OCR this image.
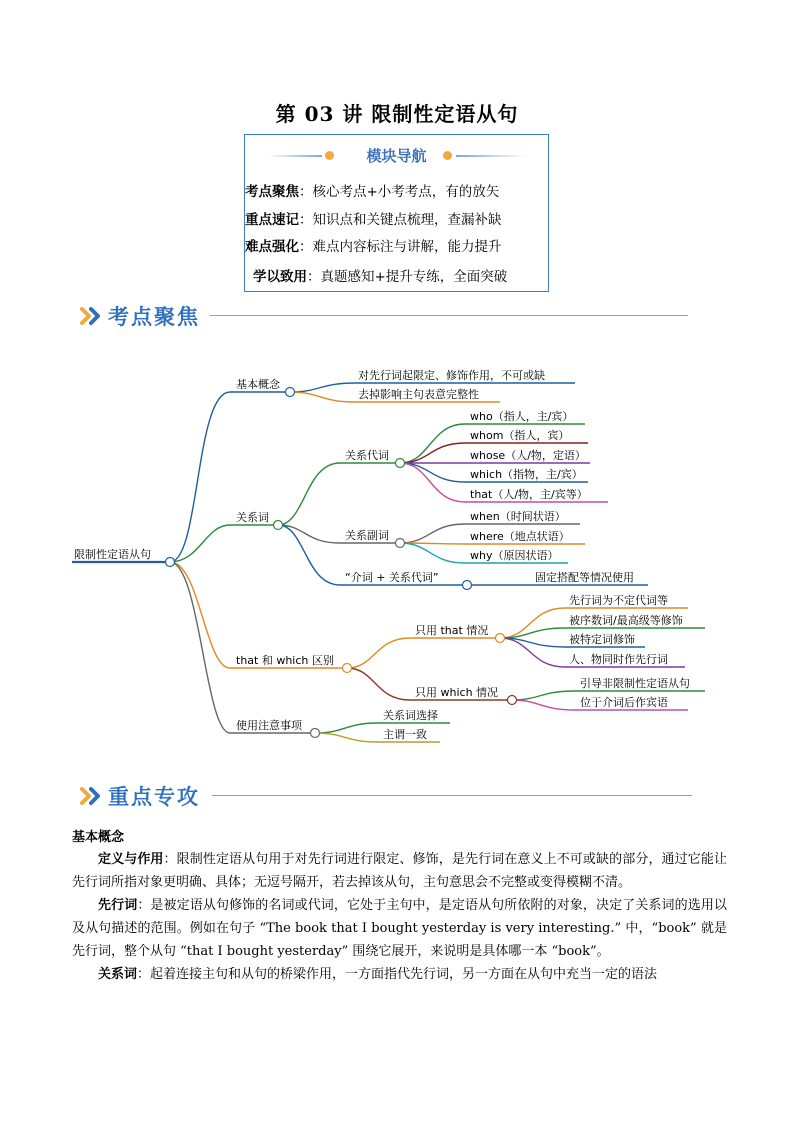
第 03 讲 限制性定语从句
模块导航
考点聚焦：核心考点+小考考点，有的放矢
重点速记：知识点和关键点梳理，查漏补缺
难点强化：难点内容标注与讲解，能力提升
学以致用：真题感知+提升专练，全面突破
考点聚焦
限制性定语从句
基本概念
对先行词起限定、修饰作用，不可或缺
去掉影响主句表意完整性
关系词
关系代词
who（指人，主/宾）
whom（指人，宾）
whose（人/物，定语）
which（指物，主/宾）
that（人/物，主/宾等）
关系副词
when（时间状语）
where（地点状语）
why（原因状语）
“介词 + 关系代词”	固定搭配等情况使用
that 和 which 区别
只用 that 情况
先行词为不定代词等
被序数词/最高级等修饰
被特定词修饰
人、物同时作先行词
只用 which 情况
引导非限制性定语从句
位于介词后作宾语
使用注意事项
关系词选择
主谓一致
重点专攻
基本概念

定义与作用：限制性定语从句用于对先行词进行限定、修饰，是先行词在意义上不可或缺的部分，通过它能让先行词所指对象更明确、具体；无逗号隔开，若去掉该从句，主句意思会不完整或变得模糊不清。

先行词：是被定语从句修饰的名词或代词，它处于主句中，是定语从句所依附的对象，决定了关系词的选用以及从句描述的范围。例如在句子 “The book that I bought yesterday is very interesting.” 中，“book” 就是先行词，整个从句 “that I bought yesterday” 围绕它展开，来说明是具体哪一本 “book”。

关系词：起着连接主句和从句的桥梁作用，一方面指代先行词，另一方面在从句中充当一定的语法
